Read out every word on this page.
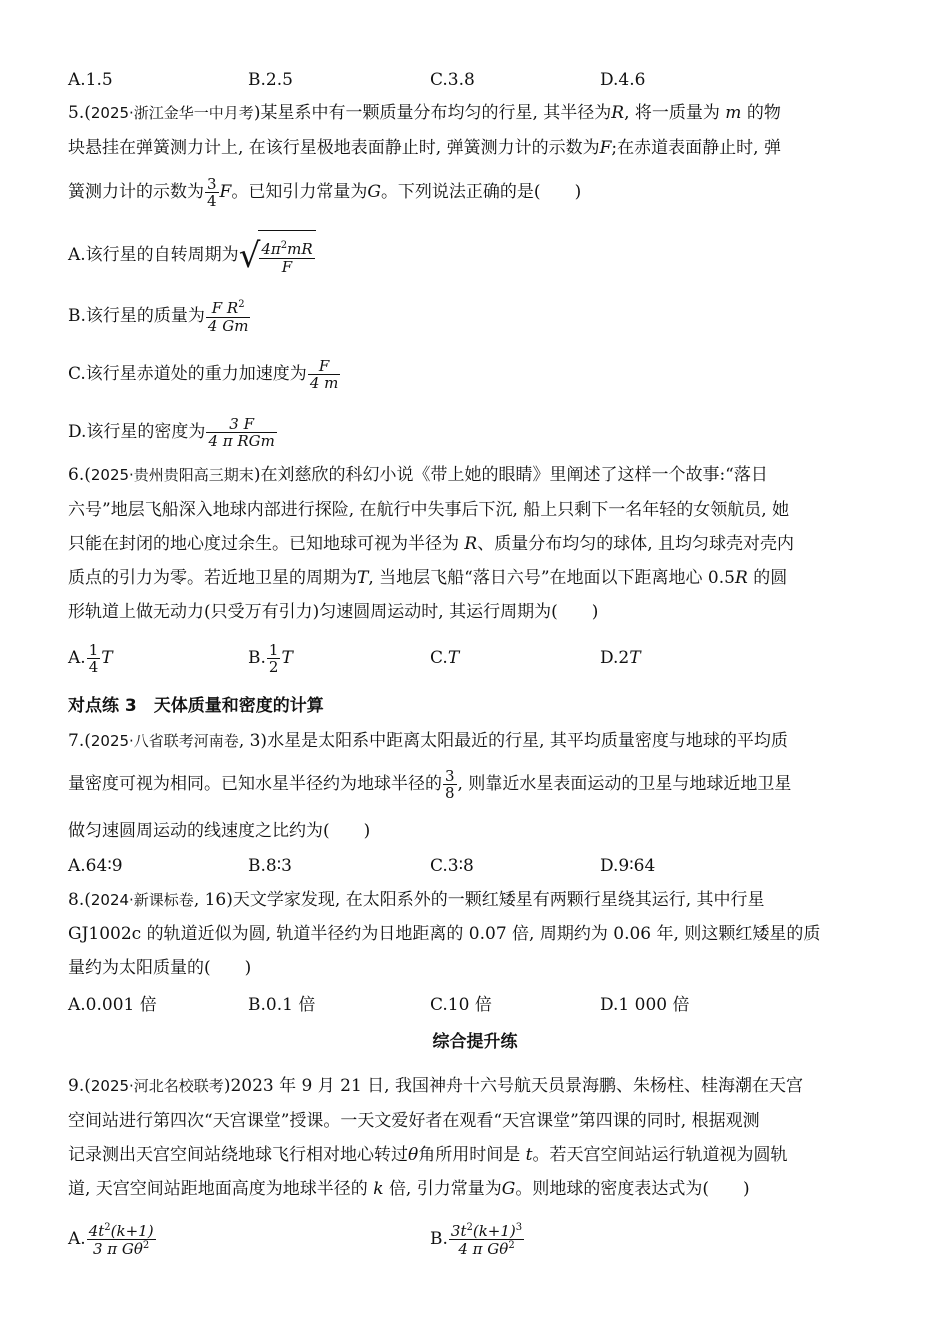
A.1.5	B.2.5	C.3.8	D.4.6
5.(2025·浙江金华一中月考)某星系中有一颗质量分布均匀的行星, 其半径为R, 将一质量为 m 的物
块悬挂在弹簧测力计上, 在该行星极地表面静止时, 弹簧测力计的示数为F;在赤道表面静止时, 弹
簧测力计的示数为 $\frac{3}{4}$ F。已知引力常量为G。下列说法正确的是(　　)
A.该行星的自转周期为√ $\frac{4\pi^2mR}{F}$
B.该行星的质量为 $\frac{F R^2}{4 Gm}$
C.该行星赤道处的重力加速度为 $\frac{F}{4 m}$
D.该行星的密度为 $\frac{3 F}{\text{4 π RGm}}$
6.(2025·贵州贵阳高三期末)在刘慈欣的科幻小说《带上她的眼睛》里阐述了这样一个故事:“落日
六号”地层飞船深入地球内部进行探险, 在航行中失事后下沉, 船上只剩下一名年轻的女领航员, 她
只能在封闭的地心度过余生。已知地球可视为半径为 R、质量分布均匀的球体, 且均匀球壳对壳内
质点的引力为零。若近地卫星的周期为T, 当地层飞船“落日六号”在地面以下距离地心 0.5R 的圆
形轨道上做无动力(只受万有引力)匀速圆周运动时, 其运行周期为(　　)
A. $\frac{1}{4}$ T	B. $\frac{1}{2}$ T	C.T	D.2T
对点练 3　天体质量和密度的计算
7.(2025·八省联考河南卷, 3)水星是太阳系中距离太阳最近的行星, 其平均质量密度与地球的平均质
量密度可视为相同。已知水星半径约为地球半径的 $\frac{3}{8}$ , 则靠近水星表面运动的卫星与地球近地卫星
做匀速圆周运动的线速度之比约为(　　)
A.64∶9	B.8∶3	C.3∶8	D.9∶64
8.(2024·新课标卷, 16)天文学家发现, 在太阳系外的一颗红矮星有两颗行星绕其运行, 其中行星
GJ1002c 的轨道近似为圆, 轨道半径约为日地距离的 0.07 倍, 周期约为 0.06 年, 则这颗红矮星的质
量约为太阳质量的(　　)
A.0.001 倍	B.0.1 倍	C.10 倍	D.1 000 倍
综合提升练
9.(2025·河北名校联考)2023 年 9 月 21 日, 我国神舟十六号航天员景海鹏、朱杨柱、桂海潮在天宫
空间站进行第四次“天宫课堂”授课。一天文爱好者在观看“天宫课堂”第四课的同时, 根据观测
记录测出天宫空间站绕地球飞行相对地心转过θ角所用时间是 t。若天宫空间站运行轨道视为圆轨
道, 天宫空间站距地面高度为地球半径的 k 倍, 引力常量为G。则地球的密度表达式为(　　)
A. $\frac{4t^2(k+1)}{3 \pi G\theta^2}$	B. $\frac{3t^2(k+1)^3}{4 \pi G\theta^2}$
